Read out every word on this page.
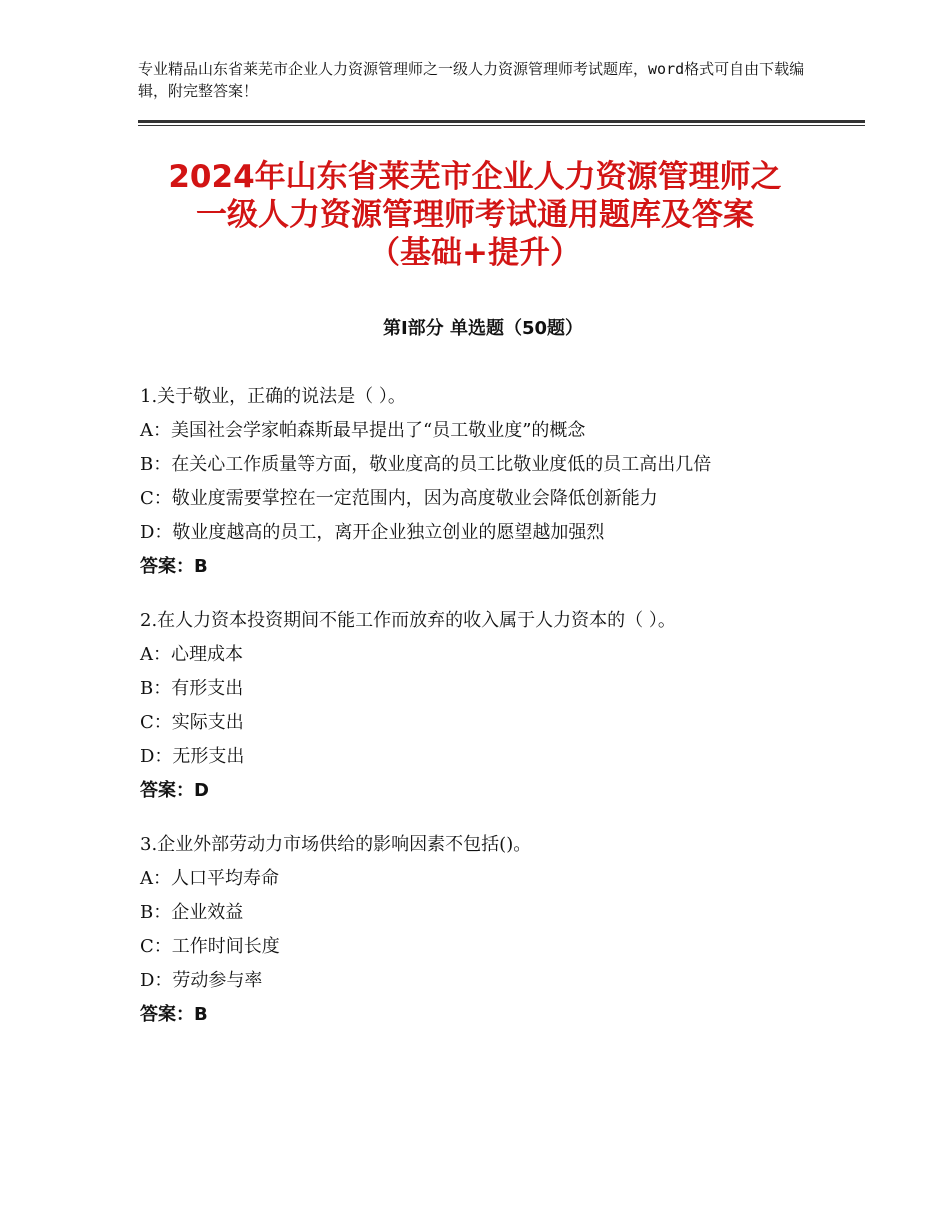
专业精品山东省莱芜市企业人力资源管理师之一级人力资源管理师考试题库，word格式可自由下载编辑，附完整答案！
2024年山东省莱芜市企业人力资源管理师之
一级人力资源管理师考试通用题库及答案
（基础+提升）
第Ⅰ部分 单选题（50题）
1.关于敬业，正确的说法是（ ）。
A：美国社会学家帕森斯最早提出了“员工敬业度”的概念
B：在关心工作质量等方面，敬业度高的员工比敬业度低的员工高出几倍
C：敬业度需要掌控在一定范围内，因为高度敬业会降低创新能力
D：敬业度越高的员工，离开企业独立创业的愿望越加强烈
答案：B
2.在人力资本投资期间不能工作而放弃的收入属于人力资本的（ ）。
A：心理成本
B：有形支出
C：实际支出
D：无形支出
答案：D
3.企业外部劳动力市场供给的影响因素不包括()。
A：人口平均寿命
B：企业效益
C：工作时间长度
D：劳动参与率
答案：B
